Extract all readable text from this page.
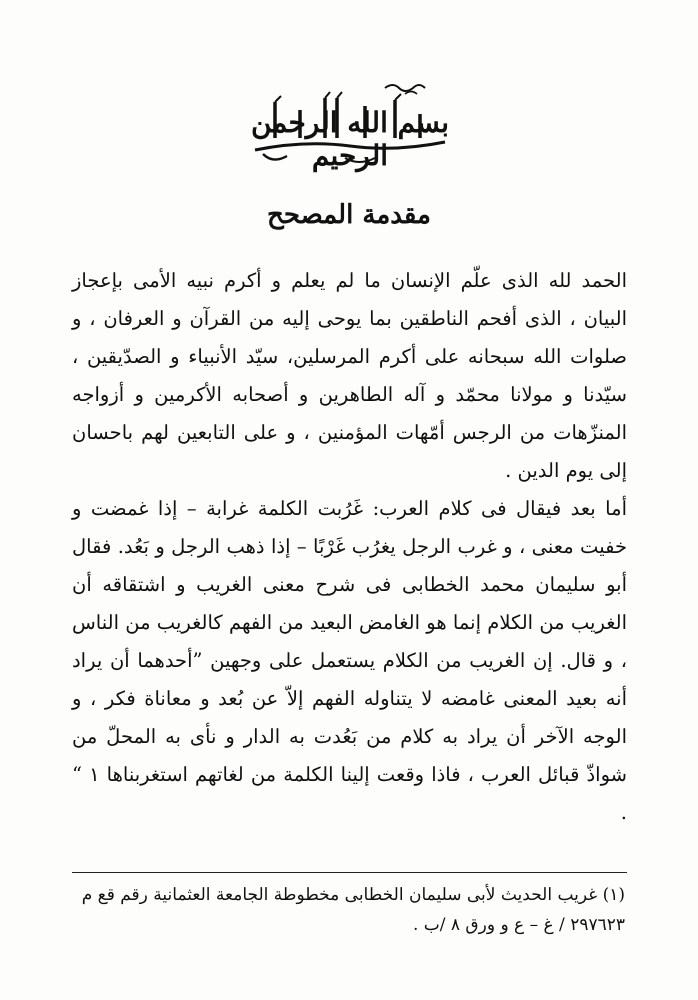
بسم الله الرحمن الرحيم
مقدمة المصحح

الحمد لله الذى علّم الإنسان ما لم يعلم و أكرم نبيه الأمى بإعجاز البيان ، الذى أفحم الناطقين بما يوحى إليه من القرآن و العرفان ، و صلوات الله سبحانه على أكرم المرسلين، سيّد الأنبياء و الصدّيقين ، سيّدنا و مولانا محمّد و آله الطاهرين و أصحابه الأكرمين و أزواجه المنزّهات من الرجس أمّهات المؤمنين ، و على التابعين لهم باحسان إلى يوم الدين .

أما بعد فيقال فى كلام العرب: غَرُبت الكلمة غرابة – إذا غمضت و خفيت معنى ، و غرب الرجل يغرُب غَرْبًا – إذا ذهب الرجل و بَعُد. فقال أبو سليمان محمد الخطابى فى شرح معنى الغريب و اشتقاقه أن الغريب من الكلام إنما هو الغامض البعيد من الفهم كالغريب من الناس ، و قال. إن الغريب من الكلام يستعمل على وجهين ”أحدهما أن يراد أنه بعيد المعنى غامضه لا يتناوله الفهم إلاّ عن بُعد و معاناة فكر ، و الوجه الآخر أن يراد به كلام من بَعُدت به الدار و نأى به المحلّ من شواذّ قبائل العرب ، فاذا وقعت إلينا الكلمة من لغاتهم استغربناها ١ “ .

(١) غريب الحديث لأبى سليمان الخطابى مخطوطة الجامعة العثمانية رقم قع م

٢٩٧٦٢٣ / غ – ع و ورق ٨ /ب .
